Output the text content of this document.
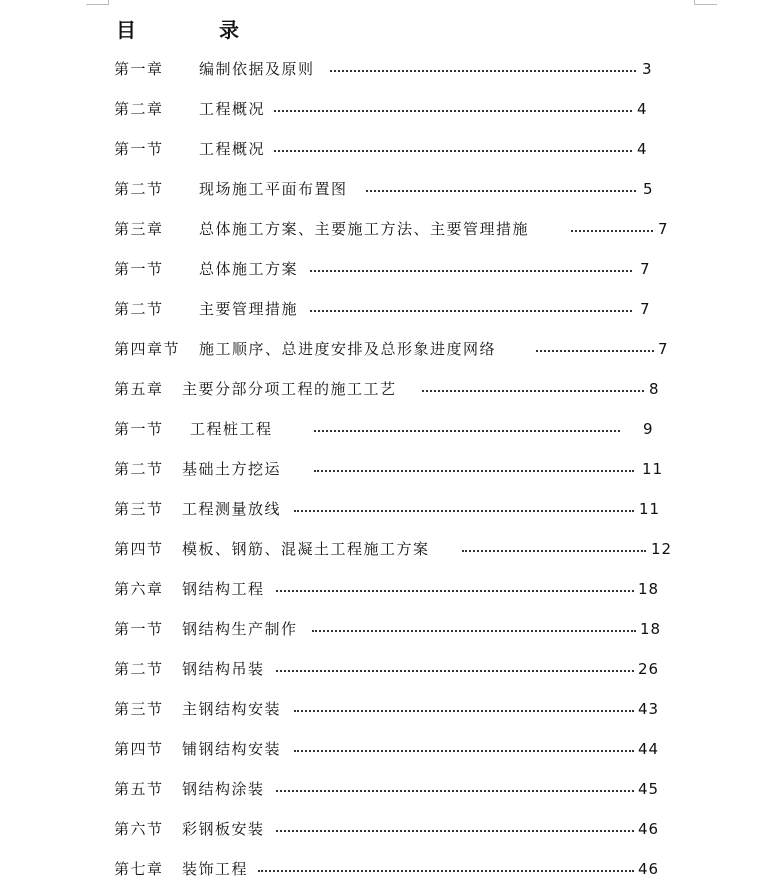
目 录
第一章 编制依据及原则	3
第二章 工程概况	4
第一节 工程概况	4
第二节 现场施工平面布置图	5
第三章 总体施工方案、主要施工方法、主要管理措施	7
第一节 总体施工方案	7
第二节 主要管理措施	7
第四章节 施工顺序、总进度安排及总形象进度网络	7
第五章 主要分部分项工程的施工工艺	8
第一节 工程桩工程	9
第二节 基础土方挖运	11
第三节 工程测量放线	11
第四节 模板、钢筋、混凝土工程施工方案	12
第六章 钢结构工程	18
第一节 钢结构生产制作	18
第二节 钢结构吊装	26
第三节 主钢结构安装	43
第四节 铺钢结构安装	44
第五节 钢结构涂装	45
第六节 彩钢板安装	46
第七章 装饰工程	46
